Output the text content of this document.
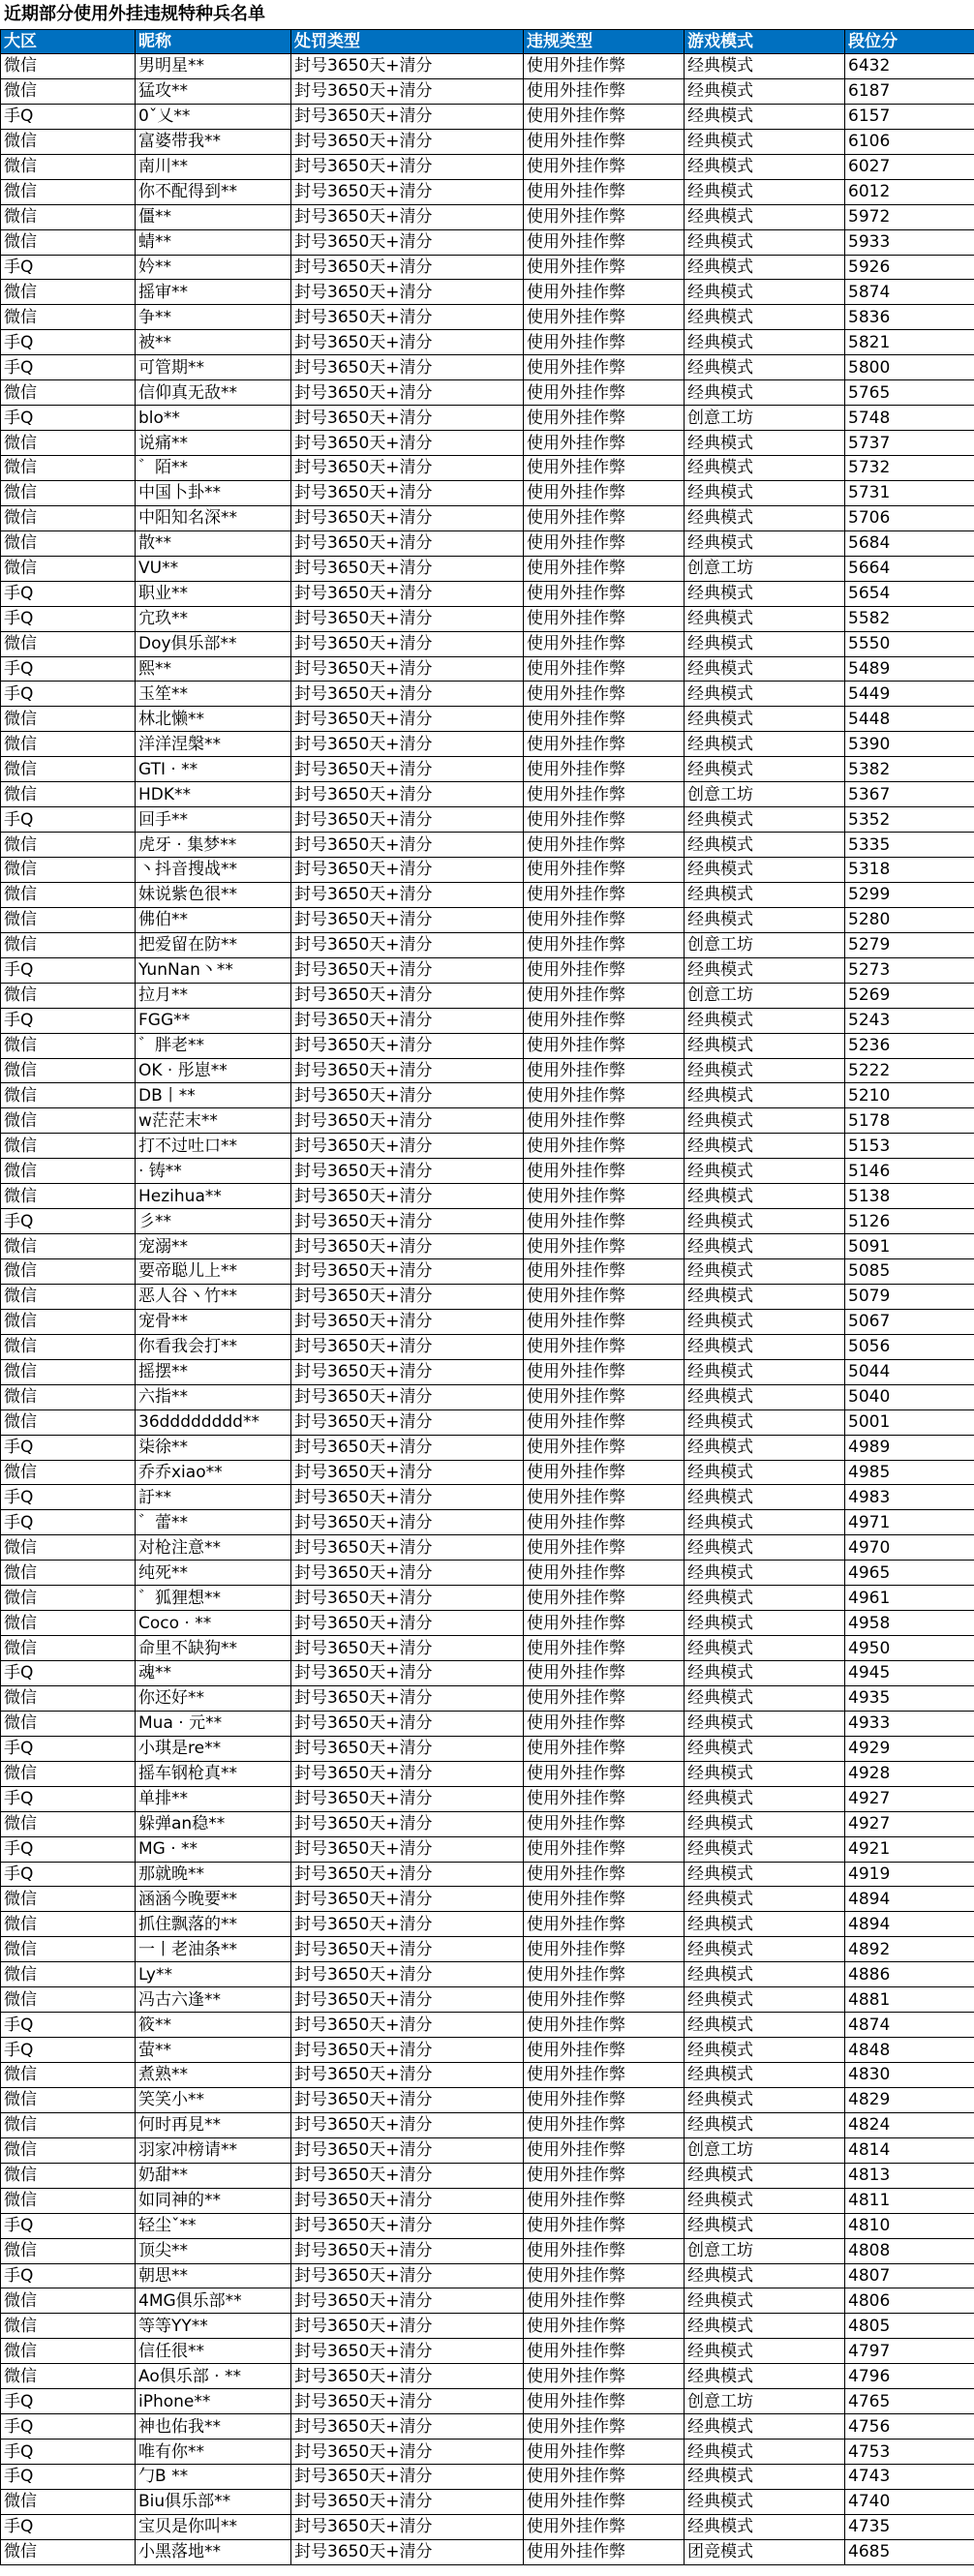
近期部分使用外挂违规特种兵名单
大区	昵称	处罚类型	违规类型	游戏模式	段位分
微信	男明星**	封号3650天+清分	使用外挂作弊	经典模式	6432
微信	猛攻**	封号3650天+清分	使用外挂作弊	经典模式	6187
手Q	0ˇ乂**	封号3650天+清分	使用外挂作弊	经典模式	6157
微信	富婆带我**	封号3650天+清分	使用外挂作弊	经典模式	6106
微信	南川**	封号3650天+清分	使用外挂作弊	经典模式	6027
微信	你不配得到**	封号3650天+清分	使用外挂作弊	经典模式	6012
微信	僵**	封号3650天+清分	使用外挂作弊	经典模式	5972
微信	蜻**	封号3650天+清分	使用外挂作弊	经典模式	5933
手Q	妗**	封号3650天+清分	使用外挂作弊	经典模式	5926
微信	摇审**	封号3650天+清分	使用外挂作弊	经典模式	5874
微信	争**	封号3650天+清分	使用外挂作弊	经典模式	5836
手Q	被**	封号3650天+清分	使用外挂作弊	经典模式	5821
手Q	可管期**	封号3650天+清分	使用外挂作弊	经典模式	5800
微信	信仰真无敌**	封号3650天+清分	使用外挂作弊	经典模式	5765
手Q	blo**	封号3650天+清分	使用外挂作弊	创意工坊	5748
微信	说痛**	封号3650天+清分	使用外挂作弊	经典模式	5737
微信	゛陌**	封号3650天+清分	使用外挂作弊	经典模式	5732
微信	中国卜卦**	封号3650天+清分	使用外挂作弊	经典模式	5731
微信	中阳知名深**	封号3650天+清分	使用外挂作弊	经典模式	5706
微信	散**	封号3650天+清分	使用外挂作弊	经典模式	5684
微信	VU**	封号3650天+清分	使用外挂作弊	创意工坊	5664
手Q	职业**	封号3650天+清分	使用外挂作弊	经典模式	5654
手Q	宂玖**	封号3650天+清分	使用外挂作弊	经典模式	5582
微信	Doy俱乐部**	封号3650天+清分	使用外挂作弊	经典模式	5550
手Q	熙**	封号3650天+清分	使用外挂作弊	经典模式	5489
手Q	玉笙**	封号3650天+清分	使用外挂作弊	经典模式	5449
微信	林北懒**	封号3650天+清分	使用外挂作弊	经典模式	5448
微信	洋洋涅槃**	封号3650天+清分	使用外挂作弊	经典模式	5390
微信	GTI · **	封号3650天+清分	使用外挂作弊	经典模式	5382
微信	HDK**	封号3650天+清分	使用外挂作弊	创意工坊	5367
手Q	回手**	封号3650天+清分	使用外挂作弊	经典模式	5352
微信	虎牙 · 集梦**	封号3650天+清分	使用外挂作弊	经典模式	5335
微信	丶抖音搜战**	封号3650天+清分	使用外挂作弊	经典模式	5318
微信	妹说紫色很**	封号3650天+清分	使用外挂作弊	经典模式	5299
微信	佛伯**	封号3650天+清分	使用外挂作弊	经典模式	5280
微信	把爱留在防**	封号3650天+清分	使用外挂作弊	创意工坊	5279
手Q	YunNan丶**	封号3650天+清分	使用外挂作弊	经典模式	5273
微信	拉月**	封号3650天+清分	使用外挂作弊	创意工坊	5269
手Q	FGG**	封号3650天+清分	使用外挂作弊	经典模式	5243
微信	゛胖老**	封号3650天+清分	使用外挂作弊	经典模式	5236
微信	OK · 彤崽**	封号3650天+清分	使用外挂作弊	经典模式	5222
微信	DB丨**	封号3650天+清分	使用外挂作弊	经典模式	5210
微信	w茫茫末**	封号3650天+清分	使用外挂作弊	经典模式	5178
微信	打不过吐口**	封号3650天+清分	使用外挂作弊	经典模式	5153
微信	· 铸**	封号3650天+清分	使用外挂作弊	经典模式	5146
微信	Hezihua**	封号3650天+清分	使用外挂作弊	经典模式	5138
手Q	彡**	封号3650天+清分	使用外挂作弊	经典模式	5126
微信	宠溺**	封号3650天+清分	使用外挂作弊	经典模式	5091
微信	要帝聪儿上**	封号3650天+清分	使用外挂作弊	经典模式	5085
微信	恶人谷丶竹**	封号3650天+清分	使用外挂作弊	经典模式	5079
微信	宠骨**	封号3650天+清分	使用外挂作弊	经典模式	5067
微信	你看我会打**	封号3650天+清分	使用外挂作弊	经典模式	5056
微信	摇摆**	封号3650天+清分	使用外挂作弊	经典模式	5044
微信	六指**	封号3650天+清分	使用外挂作弊	经典模式	5040
微信	36dddddddd**	封号3650天+清分	使用外挂作弊	经典模式	5001
手Q	柒徐**	封号3650天+清分	使用外挂作弊	经典模式	4989
微信	乔乔xiao**	封号3650天+清分	使用外挂作弊	经典模式	4985
手Q	訏**	封号3650天+清分	使用外挂作弊	经典模式	4983
手Q	゛蕾**	封号3650天+清分	使用外挂作弊	经典模式	4971
微信	对枪注意**	封号3650天+清分	使用外挂作弊	经典模式	4970
微信	纯死**	封号3650天+清分	使用外挂作弊	经典模式	4965
微信	゛狐狸想**	封号3650天+清分	使用外挂作弊	经典模式	4961
微信	Coco · **	封号3650天+清分	使用外挂作弊	经典模式	4958
微信	命里不缺狗**	封号3650天+清分	使用外挂作弊	经典模式	4950
手Q	魂**	封号3650天+清分	使用外挂作弊	经典模式	4945
微信	你还好**	封号3650天+清分	使用外挂作弊	经典模式	4935
微信	Mua · 元**	封号3650天+清分	使用外挂作弊	经典模式	4933
手Q	小琪是re**	封号3650天+清分	使用外挂作弊	经典模式	4929
微信	摇车钢枪真**	封号3650天+清分	使用外挂作弊	经典模式	4928
手Q	单排**	封号3650天+清分	使用外挂作弊	经典模式	4927
微信	躲弹an稳**	封号3650天+清分	使用外挂作弊	经典模式	4927
手Q	MG · **	封号3650天+清分	使用外挂作弊	经典模式	4921
手Q	那就晚**	封号3650天+清分	使用外挂作弊	经典模式	4919
微信	涵涵今晚要**	封号3650天+清分	使用外挂作弊	经典模式	4894
微信	抓住飘落的**	封号3650天+清分	使用外挂作弊	经典模式	4894
微信	一丨老油条**	封号3650天+清分	使用外挂作弊	经典模式	4892
微信	Ly**	封号3650天+清分	使用外挂作弊	经典模式	4886
微信	冯古六逢**	封号3650天+清分	使用外挂作弊	经典模式	4881
手Q	筱**	封号3650天+清分	使用外挂作弊	经典模式	4874
手Q	萤**	封号3650天+清分	使用外挂作弊	经典模式	4848
微信	煮熟**	封号3650天+清分	使用外挂作弊	经典模式	4830
微信	笑笑小**	封号3650天+清分	使用外挂作弊	经典模式	4829
微信	何时再見**	封号3650天+清分	使用外挂作弊	经典模式	4824
微信	羽家冲榜请**	封号3650天+清分	使用外挂作弊	创意工坊	4814
微信	奶甜**	封号3650天+清分	使用外挂作弊	经典模式	4813
微信	如同神的**	封号3650天+清分	使用外挂作弊	经典模式	4811
手Q	轻尘ˇ**	封号3650天+清分	使用外挂作弊	经典模式	4810
微信	顶尖**	封号3650天+清分	使用外挂作弊	创意工坊	4808
手Q	朝思**	封号3650天+清分	使用外挂作弊	经典模式	4807
微信	4MG俱乐部**	封号3650天+清分	使用外挂作弊	经典模式	4806
微信	等等YY**	封号3650天+清分	使用外挂作弊	经典模式	4805
微信	信任很**	封号3650天+清分	使用外挂作弊	经典模式	4797
微信	Ao俱乐部 · **	封号3650天+清分	使用外挂作弊	经典模式	4796
手Q	iPhone**	封号3650天+清分	使用外挂作弊	创意工坊	4765
手Q	神也佑我**	封号3650天+清分	使用外挂作弊	经典模式	4756
手Q	唯有你**	封号3650天+清分	使用外挂作弊	经典模式	4753
手Q	勹B **	封号3650天+清分	使用外挂作弊	经典模式	4743
微信	Biu俱乐部**	封号3650天+清分	使用外挂作弊	经典模式	4740
手Q	宝贝是你叫**	封号3650天+清分	使用外挂作弊	经典模式	4735
微信	小黑落地**	封号3650天+清分	使用外挂作弊	团竞模式	4685
